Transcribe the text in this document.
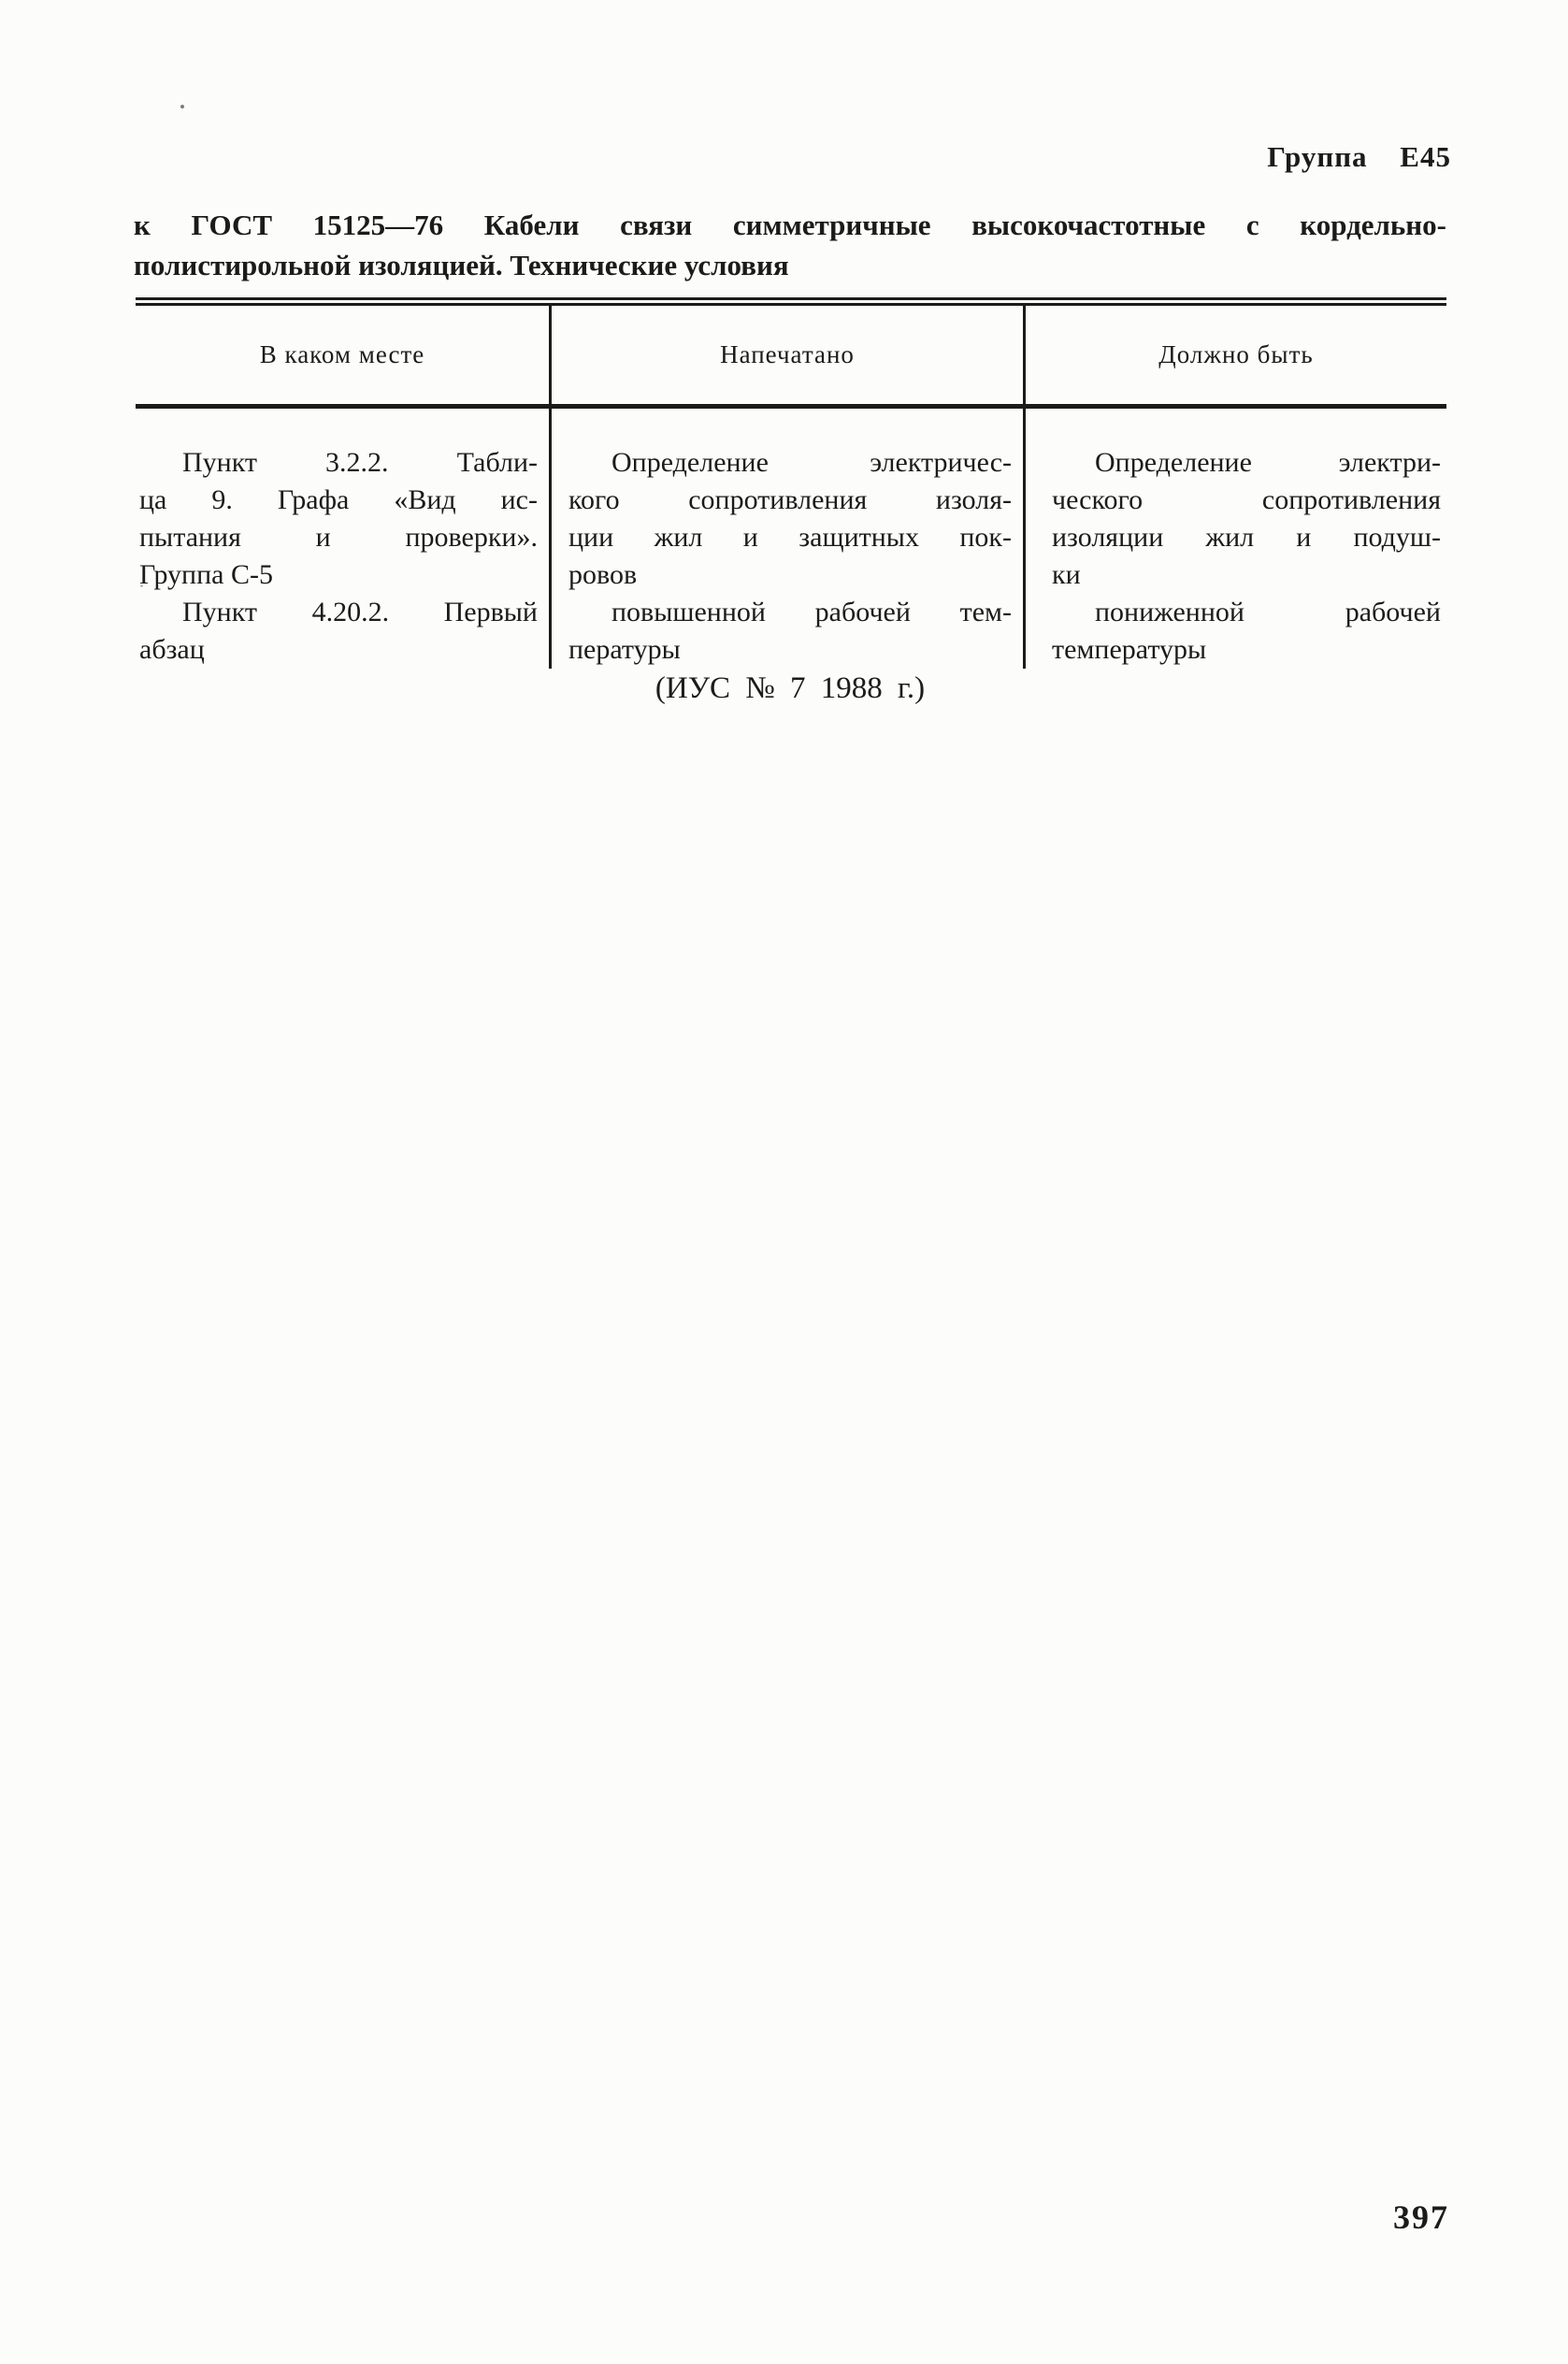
Группа Е45
к ГОСТ 15125—76 Кабели связи симметричные высокочастотные с кордельно-
полистирольной изоляцией. Технические условия
В каком месте	Напечатано	Должно быть
Пункт 3.2.2. Табли-
ца 9. Графа «Вид ис-
пытания и проверки».
Группа С-5
Определение электричес-
кого сопротивления изоля-
ции жил и защитных пок-
ровов
Определение электри-
ческого сопротивления
изоляции жил и подуш-
ки
Пункт 4.20.2. Первый
абзац
повышенной рабочей тем-
пературы
пониженной рабочей
температуры
(ИУС № 7 1988 г.)
397
